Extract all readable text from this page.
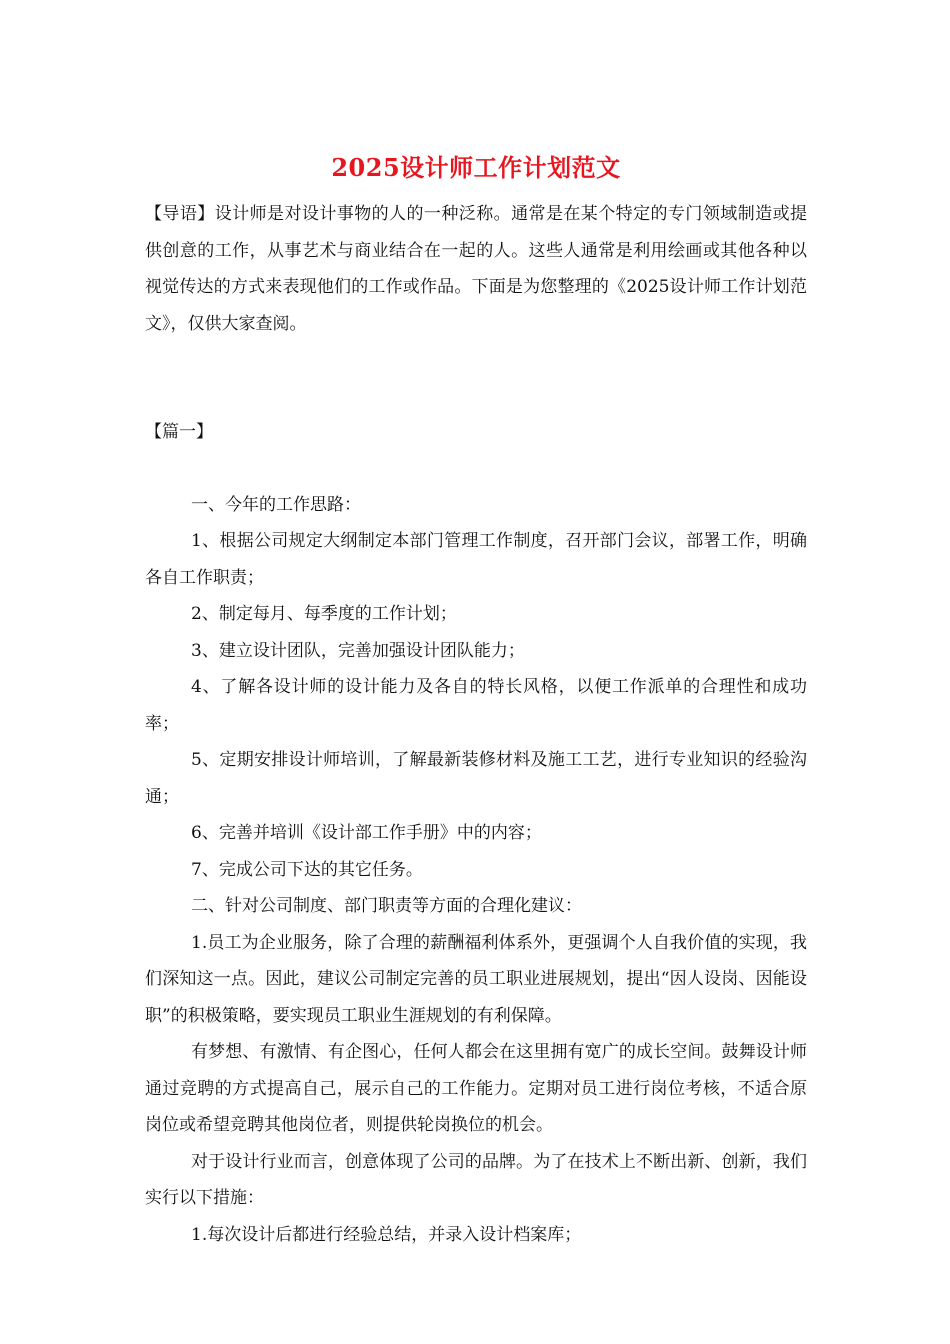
2025设计师工作计划范文

【导语】设计师是对设计事物的人的一种泛称。通常是在某个特定的专门领域制造或提供创意的工作，从事艺术与商业结合在一起的人。这些人通常是利用绘画或其他各种以视觉传达的方式来表现他们的工作或作品。下面是为您整理的《2025设计师工作计划范文》，仅供大家查阅。

【篇一】

一、今年的工作思路：

1、根据公司规定大纲制定本部门管理工作制度，召开部门会议，部署工作，明确各自工作职责；

2、制定每月、每季度的工作计划；

3、建立设计团队，完善加强设计团队能力；

4、了解各设计师的设计能力及各自的特长风格，以便工作派单的合理性和成功率；

5、定期安排设计师培训，了解最新装修材料及施工工艺，进行专业知识的经验沟通；

6、完善并培训《设计部工作手册》中的内容；

7、完成公司下达的其它任务。

二、针对公司制度、部门职责等方面的合理化建议：

1.员工为企业服务，除了合理的薪酬福利体系外，更强调个人自我价值的实现，我们深知这一点。因此，建议公司制定完善的员工职业进展规划，提出“因人设岗、因能设职”的积极策略，要实现员工职业生涯规划的有利保障。

有梦想、有激情、有企图心，任何人都会在这里拥有宽广的成长空间。鼓舞设计师通过竞聘的方式提高自己，展示自己的工作能力。定期对员工进行岗位考核，不适合原岗位或希望竞聘其他岗位者，则提供轮岗换位的机会。

对于设计行业而言，创意体现了公司的品牌。为了在技术上不断出新、创新，我们实行以下措施：

1.每次设计后都进行经验总结，并录入设计档案库；
